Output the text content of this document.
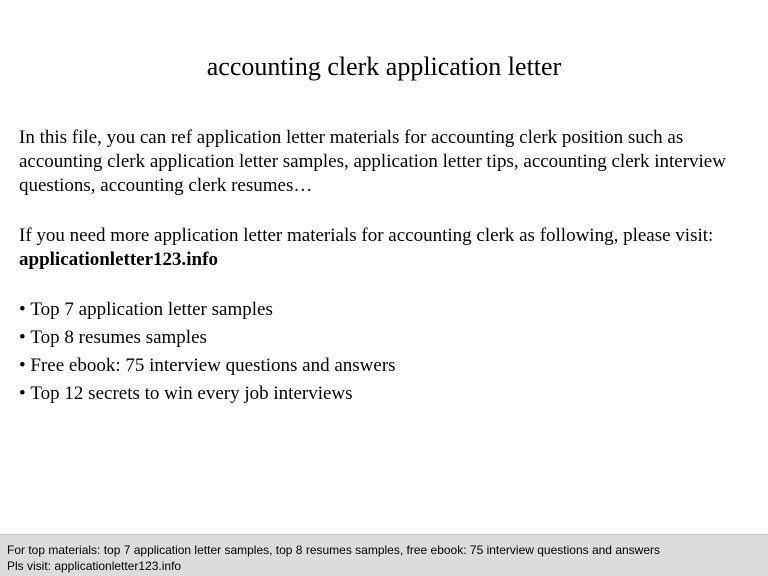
accounting clerk application letter

In this file, you can ref application letter materials for accounting clerk position such as accounting clerk application letter samples, application letter tips, accounting clerk interview questions, accounting clerk resumes…

If you need more application letter materials for accounting clerk as following, please visit: applicationletter123.info

• Top 7 application letter samples
• Top 8 resumes samples
• Free ebook: 75 interview questions and answers
• Top 12 secrets to win every job interviews
For top materials: top 7 application letter samples, top 8 resumes samples, free ebook: 75 interview questions and answers
Pls visit: applicationletter123.info
